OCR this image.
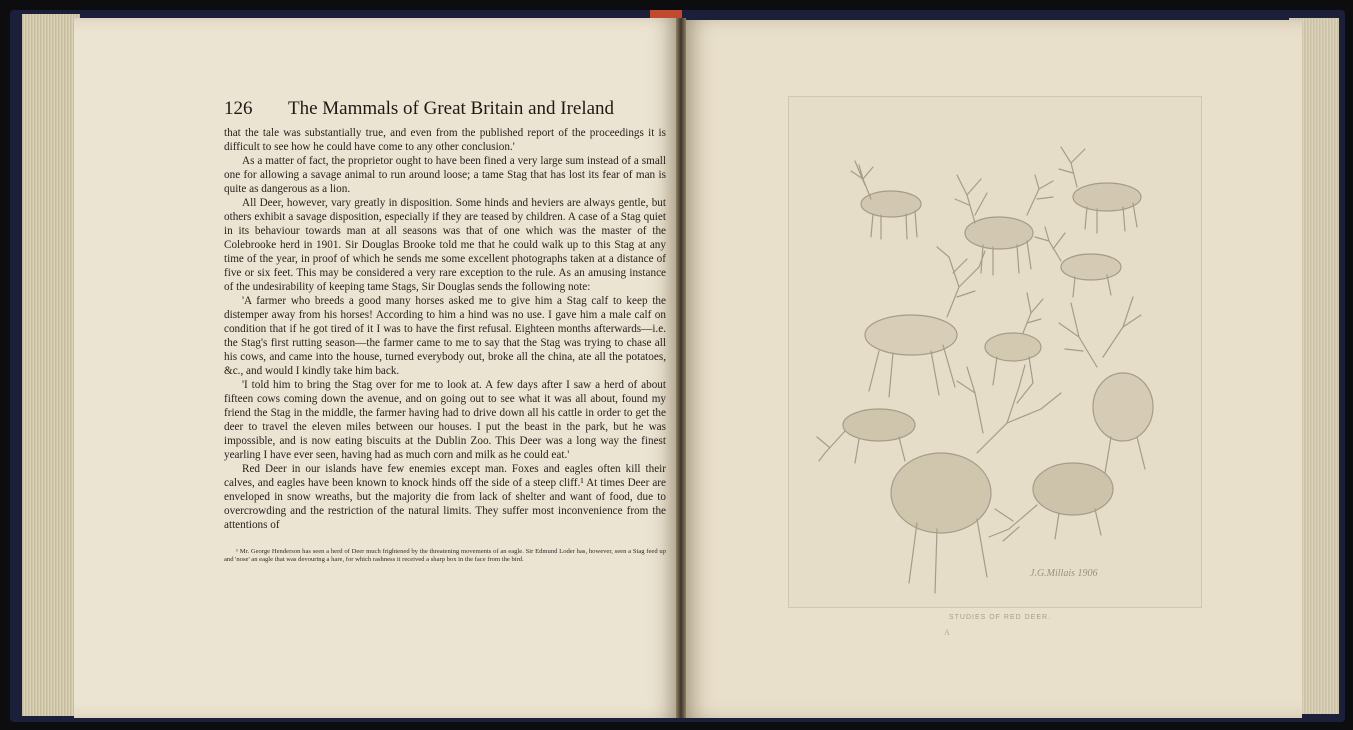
126 The Mammals of Great Britain and Ireland

that the tale was substantially true, and even from the published report of the proceedings it is difficult to see how he could have come to any other conclusion.'

As a matter of fact, the proprietor ought to have been fined a very large sum instead of a small one for allowing a savage animal to run around loose; a tame Stag that has lost its fear of man is quite as dangerous as a lion.

All Deer, however, vary greatly in disposition. Some hinds and heviers are always gentle, but others exhibit a savage disposition, especially if they are teased by children. A case of a Stag quiet in its behaviour towards man at all seasons was that of one which was the master of the Colebrooke herd in 1901. Sir Douglas Brooke told me that he could walk up to this Stag at any time of the year, in proof of which he sends me some excellent photographs taken at a distance of five or six feet. This may be considered a very rare exception to the rule. As an amusing instance of the undesirability of keeping tame Stags, Sir Douglas sends the following note:

'A farmer who breeds a good many horses asked me to give him a Stag calf to keep the distemper away from his horses! According to him a hind was no use. I gave him a male calf on condition that if he got tired of it I was to have the first refusal. Eighteen months afterwards—i.e. the Stag's first rutting season—the farmer came to me to say that the Stag was trying to chase all his cows, and came into the house, turned everybody out, broke all the china, ate all the potatoes, &c., and would I kindly take him back.

'I told him to bring the Stag over for me to look at. A few days after I saw a herd of about fifteen cows coming down the avenue, and on going out to see what it was all about, found my friend the Stag in the middle, the farmer having had to drive down all his cattle in order to get the deer to travel the eleven miles between our houses. I put the beast in the park, but he was impossible, and is now eating biscuits at the Dublin Zoo. This Deer was a long way the finest yearling I have ever seen, having had as much corn and milk as he could eat.'

Red Deer in our islands have few enemies except man. Foxes and eagles often kill their calves, and eagles have been known to knock hinds off the side of a steep cliff.¹ At times Deer are enveloped in snow wreaths, but the majority die from lack of shelter and want of food, due to overcrowding and the restriction of the natural limits. They suffer most inconvenience from the attentions of

¹ Mr. George Henderson has seen a herd of Deer much frightened by the threatening movements of an eagle. Sir Edmund Loder has, however, seen a Stag feed up and 'nose' an eagle that was devouring a hare, for which rashness it received a sharp box in the face from the bird.

J.G.Millais 1906
STUDIES OF RED DEER.
A
